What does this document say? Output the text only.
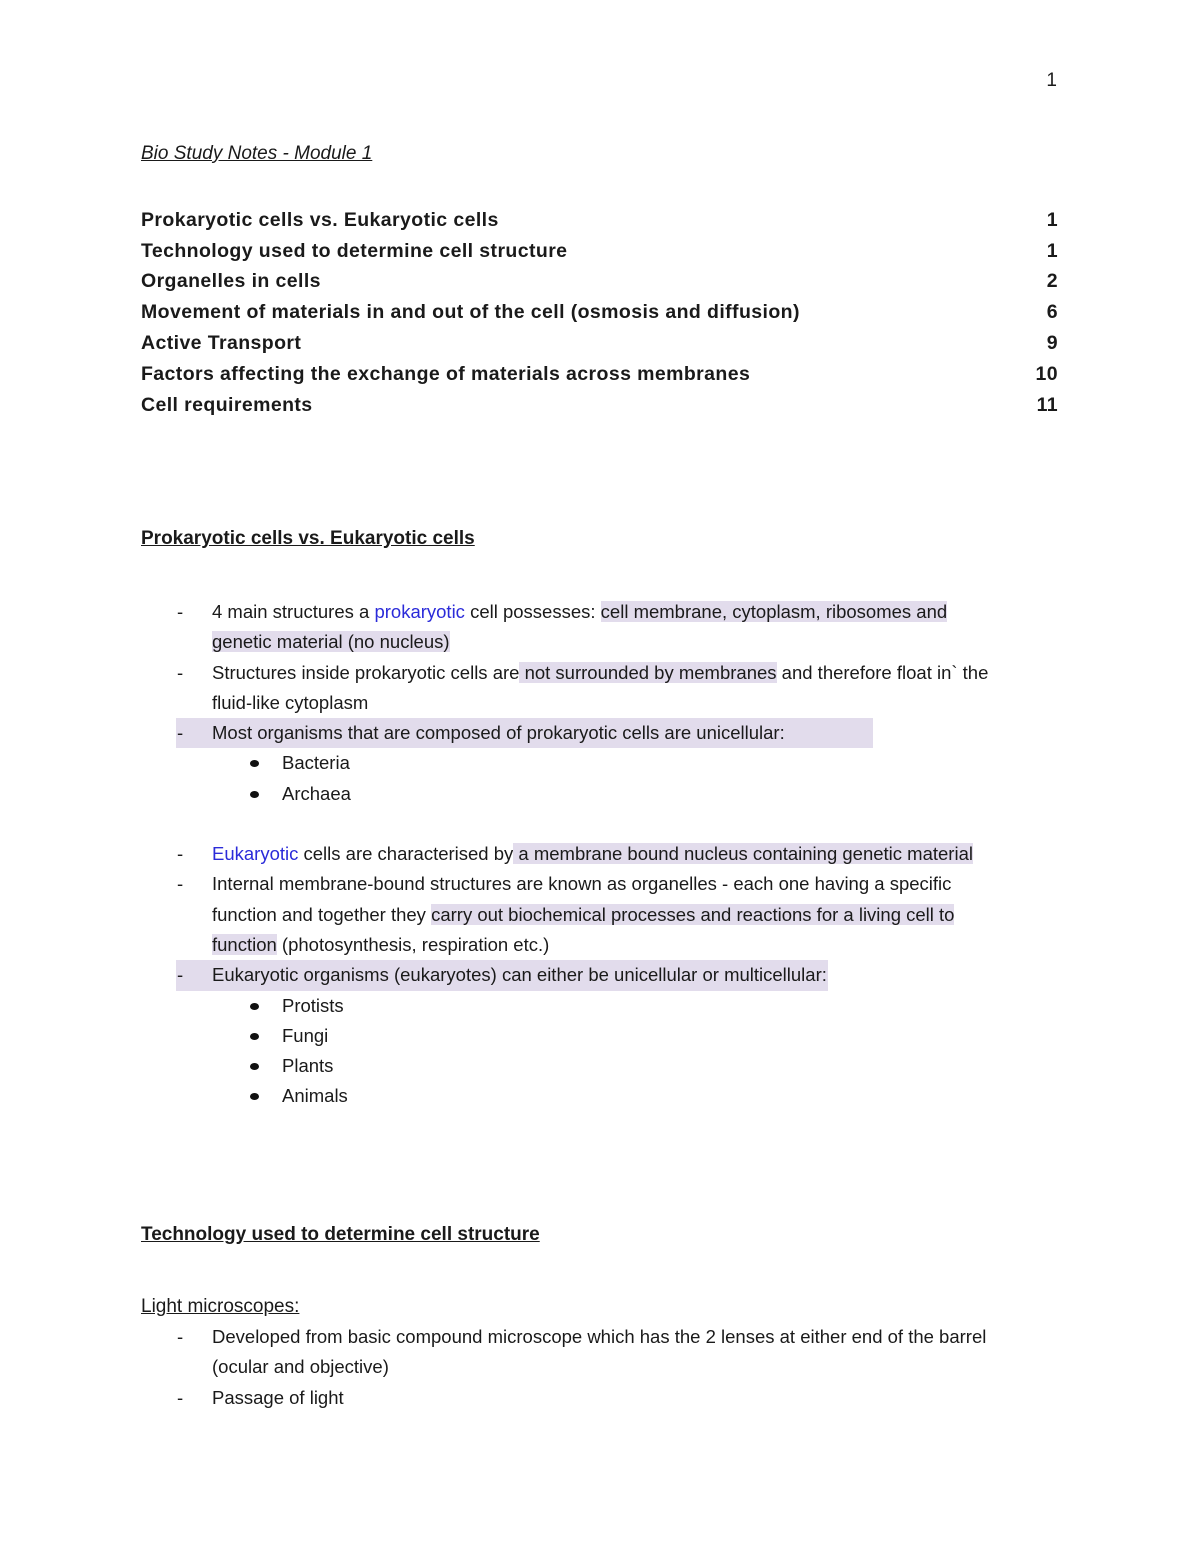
1
Bio Study Notes - Module 1
Prokaryotic cells vs. Eukaryotic cells	1
Technology used to determine cell structure	1
Organelles in cells	2
Movement of materials in and out of the cell (osmosis and diffusion)	6
Active Transport	9
Factors affecting the exchange of materials across membranes	10
Cell requirements	11
Prokaryotic cells vs. Eukaryotic cells
- 4 main structures a prokaryotic cell possesses: cell membrane, cytoplasm, ribosomes and
genetic material (no nucleus)
- Structures inside prokaryotic cells are not surrounded by membranes and therefore float in` the
fluid-like cytoplasm
- Most organisms that are composed of prokaryotic cells are unicellular:
Bacteria
Archaea
- Eukaryotic cells are characterised by a membrane bound nucleus containing genetic material
- Internal membrane-bound structures are known as organelles - each one having a specific
function and together they carry out biochemical processes and reactions for a living cell to
function (photosynthesis, respiration etc.)
- Eukaryotic organisms (eukaryotes) can either be unicellular or multicellular:
Protists
Fungi
Plants
Animals
Technology used to determine cell structure
Light microscopes:
- Developed from basic compound microscope which has the 2 lenses at either end of the barrel
(ocular and objective)
- Passage of light
